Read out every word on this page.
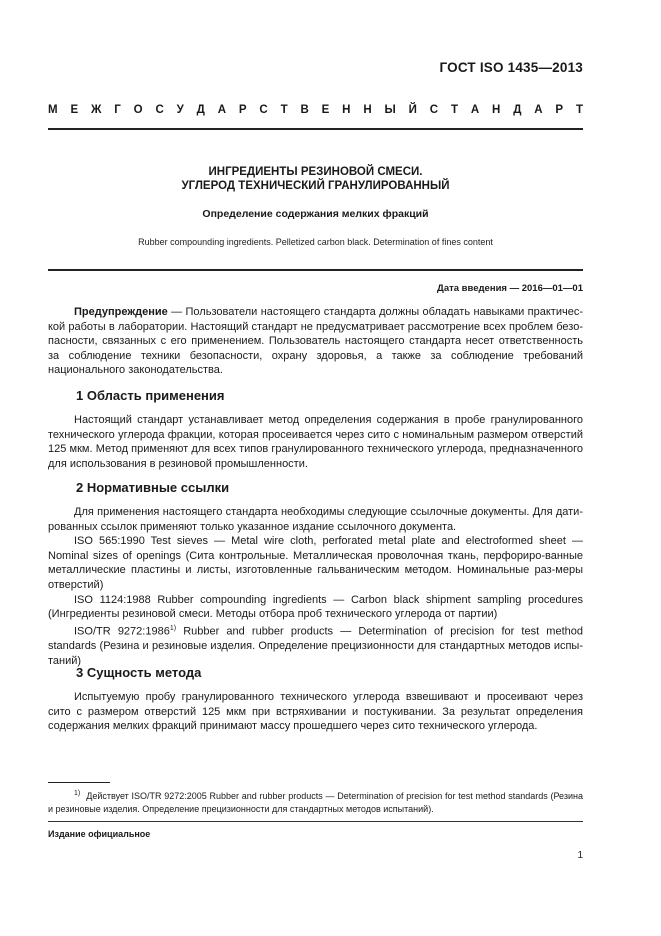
ГОСТ ISO 1435—2013
М Е Ж Г О С У Д А Р С Т В Е Н Н Ы Й С Т А Н Д А Р Т
ИНГРЕДИЕНТЫ РЕЗИНОВОЙ СМЕСИ.
УГЛЕРОД ТЕХНИЧЕСКИЙ ГРАНУЛИРОВАННЫЙ
Определение содержания мелких фракций
Rubber compounding ingredients. Pelletized carbon black. Determination of fines content
Дата введения — 2016—01—01

Предупреждение — Пользователи настоящего стандарта должны обладать навыками практичес-кой работы в лаборатории. Настоящий стандарт не предусматривает рассмотрение всех проблем безо-пасности, связанных с его применением. Пользователь настоящего стандарта несет ответственность за соблюдение техники безопасности, охрану здоровья, а также за соблюдение требований национального законодательства.

1 Область применения

Настоящий стандарт устанавливает метод определения содержания в пробе гранулированного технического углерода фракции, которая просеивается через сито с номинальным размером отверстий 125 мкм. Метод применяют для всех типов гранулированного технического углерода, предназначенного для использования в резиновой промышленности.

2 Нормативные ссылки

Для применения настоящего стандарта необходимы следующие ссылочные документы. Для дати-рованных ссылок применяют только указанное издание ссылочного документа.

ISO 565:1990 Test sieves — Metal wire cloth, perforated metal plate and electroformed sheet — Nominal sizes of openings (Сита контрольные. Металлическая проволочная ткань, перфориро-ванные металлические пластины и листы, изготовленные гальваническим методом. Номинальные раз-меры отверстий)

ISO 1124:1988 Rubber compounding ingredients — Carbon black shipment sampling procedures (Ингредиенты резиновой смеси. Методы отбора проб технического углерода от партии)

ISO/TR 9272:1986$^{1)}$ Rubber and rubber products — Determination of precision for test method standards (Резина и резиновые изделия. Определение прецизионности для стандартных методов испы-таний)

3 Сущность метода

Испытуемую пробу гранулированного технического углерода взвешивают и просеивают через сито с размером отверстий 125 мкм при встряхивании и постукивании. За результат определения содержания мелких фракций принимают массу прошедшего через сито технического углерода.

$^{1)}$ Действует ISO/TR 9272:2005 Rubber and rubber products — Determination of precision for test method standards (Резина и резиновые изделия. Определение прецизионности для стандартных методов испытаний).
Издание официальное
1
